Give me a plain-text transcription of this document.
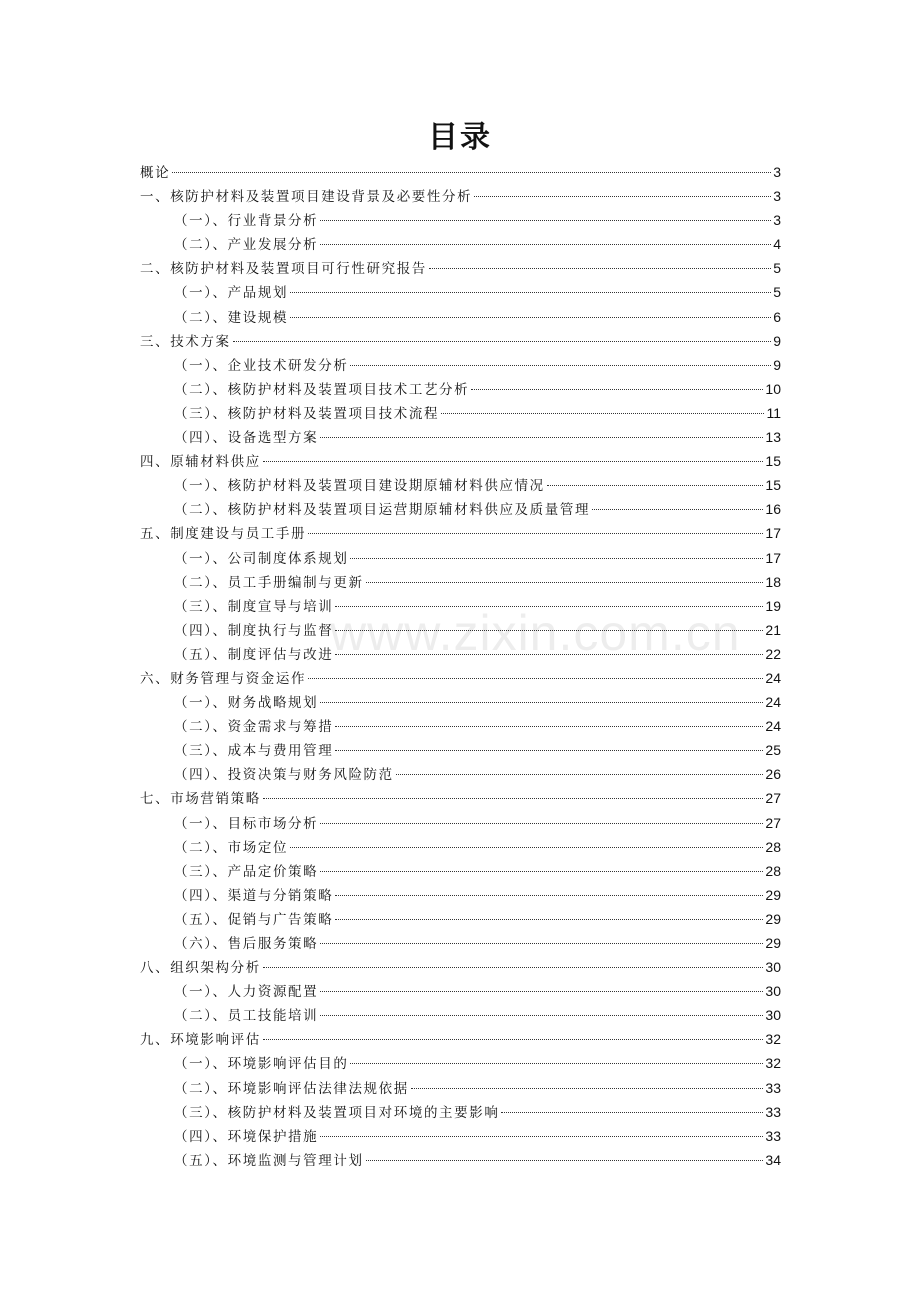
目录
概论	3
一、核防护材料及装置项目建设背景及必要性分析	3
（一）、行业背景分析	3
（二）、产业发展分析	4
二、核防护材料及装置项目可行性研究报告	5
（一）、产品规划	5
（二）、建设规模	6
三、技术方案	9
（一）、企业技术研发分析	9
（二）、核防护材料及装置项目技术工艺分析	10
（三）、核防护材料及装置项目技术流程	11
（四）、设备选型方案	13
四、原辅材料供应	15
（一）、核防护材料及装置项目建设期原辅材料供应情况	15
（二）、核防护材料及装置项目运营期原辅材料供应及质量管理	16
五、制度建设与员工手册	17
（一）、公司制度体系规划	17
（二）、员工手册编制与更新	18
（三）、制度宣导与培训	19
（四）、制度执行与监督	21
（五）、制度评估与改进	22
六、财务管理与资金运作	24
（一）、财务战略规划	24
（二）、资金需求与筹措	24
（三）、成本与费用管理	25
（四）、投资决策与财务风险防范	26
七、市场营销策略	27
（一）、目标市场分析	27
（二）、市场定位	28
（三）、产品定价策略	28
（四）、渠道与分销策略	29
（五）、促销与广告策略	29
（六）、售后服务策略	29
八、组织架构分析	30
（一）、人力资源配置	30
（二）、员工技能培训	30
九、环境影响评估	32
（一）、环境影响评估目的	32
（二）、环境影响评估法律法规依据	33
（三）、核防护材料及装置项目对环境的主要影响	33
（四）、环境保护措施	33
（五）、环境监测与管理计划	34
www.zixin.com.cn
